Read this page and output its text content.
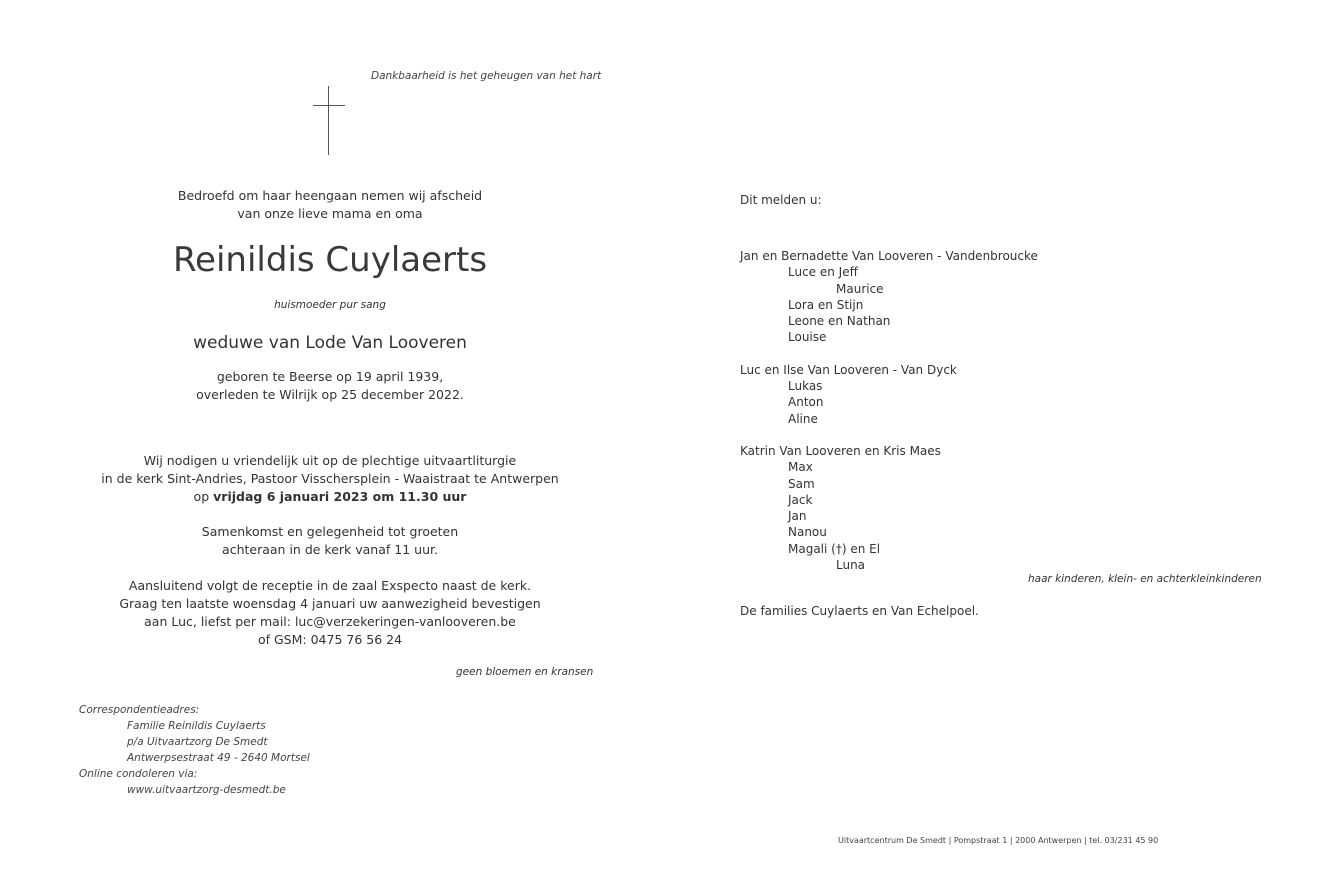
Dankbaarheid is het geheugen van het hart
Bedroefd om haar heengaan nemen wij afscheid
van onze lieve mama en oma
Reinildis Cuylaerts
huismoeder pur sang
weduwe van Lode Van Looveren
geboren te Beerse op 19 april 1939,
overleden te Wilrijk op 25 december 2022.
Wij nodigen u vriendelijk uit op de plechtige uitvaartliturgie
in de kerk Sint-Andries, Pastoor Visschersplein - Waaistraat te Antwerpen
op vrijdag 6 januari 2023 om 11.30 uur
Samenkomst en gelegenheid tot groeten
achteraan in de kerk vanaf 11 uur.
Aansluitend volgt de receptie in de zaal Exspecto naast de kerk.
Graag ten laatste woensdag 4 januari uw aanwezigheid bevestigen
aan Luc, liefst per mail: luc@verzekeringen-vanlooveren.be
of GSM: 0475 76 56 24
geen bloemen en kransen
Correspondentieadres:
Familie Reinildis Cuylaerts
p/a Uitvaartzorg De Smedt
Antwerpsestraat 49 - 2640 Mortsel
Online condoleren via:
www.uitvaartzorg-desmedt.be
Dit melden u:
Jan en Bernadette Van Looveren - Vandenbroucke
Luce en Jeff
Maurice
Lora en Stijn
Leone en Nathan
Louise
Luc en Ilse Van Looveren - Van Dyck
Lukas
Anton
Aline
Katrin Van Looveren en Kris Maes
Max
Sam
Jack
Jan
Nanou
Magali (†) en El
Luna
haar kinderen, klein- en achterkleinkinderen
De families Cuylaerts en Van Echelpoel.
Uitvaartcentrum De Smedt | Pompstraat 1 | 2000 Antwerpen | tel. 03/231 45 90
